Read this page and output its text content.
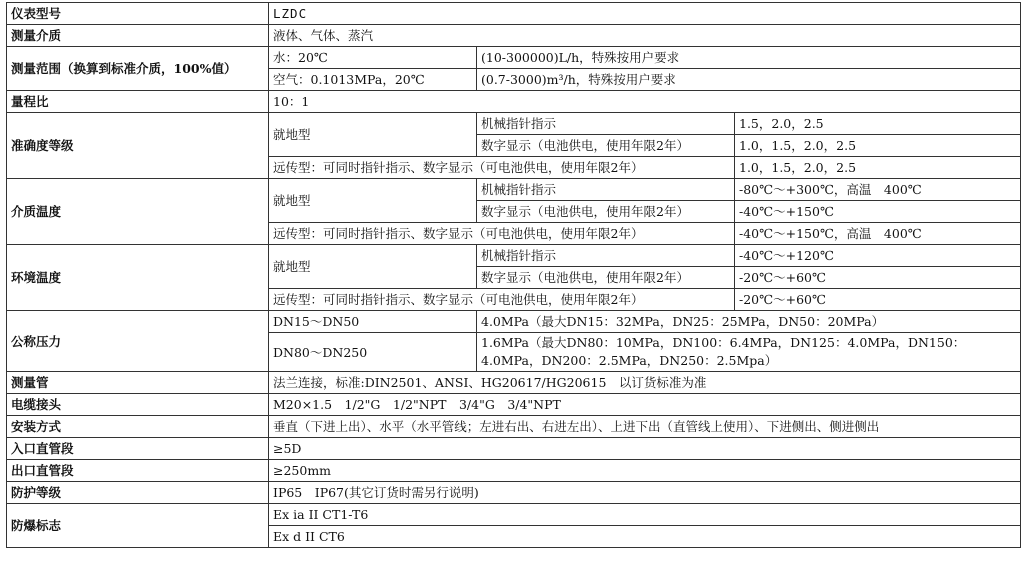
仪表型号	LZDC		
测量介质	液体、气体、蒸汽		
测量范围（换算到标准介质，100%值）	水：20℃	(10-300000)L/h，特殊按用户要求	
	空气：0.1013MPa，20℃	(0.7-3000)m³/h，特殊按用户要求	
量程比	10：1		
准确度等级	就地型	机械指针指示	1.5，2.0，2.5
		数字显示（电池供电，使用年限2年）	1.0，1.5，2.0，2.5
	远传型：可同时指针指示、数字显示（可电池供电，使用年限2年）		1.0，1.5，2.0，2.5
介质温度	就地型	机械指针指示	-80℃～+300℃，高温　400℃
		数字显示（电池供电，使用年限2年）	-40℃～+150℃
	远传型：可同时指针指示、数字显示（可电池供电，使用年限2年）		-40℃～+150℃，高温　400℃
环境温度	就地型	机械指针指示	-40℃～+120℃
		数字显示（电池供电，使用年限2年）	-20℃～+60℃
	远传型：可同时指针指示、数字显示（可电池供电，使用年限2年）		-20℃～+60℃
公称压力	DN15～DN50	4.0MPa（最大DN15：32MPa，DN25：25MPa，DN50：20MPa）	
	DN80～DN250	1.6MPa（最大DN80：10MPa，DN100：6.4MPa，DN125：4.0MPa，DN150：4.0MPa，DN200：2.5MPa，DN250：2.5Mpa）	
测量管	法兰连接，标准:DIN2501、ANSI、HG20617/HG20615　以订货标准为准		
电缆接头	M20×1.5　1/2"G　1/2"NPT　3/4"G　3/4"NPT		
安装方式	垂直（下进上出）、水平（水平管线；左进右出、右进左出）、上进下出（直管线上使用）、下进侧出、侧进侧出		
入口直管段	≥5D		
出口直管段	≥250mm		
防护等级	IP65　IP67(其它订货时需另行说明)		
防爆标志	Ex ia II CT1-T6		
	Ex d II CT6		
